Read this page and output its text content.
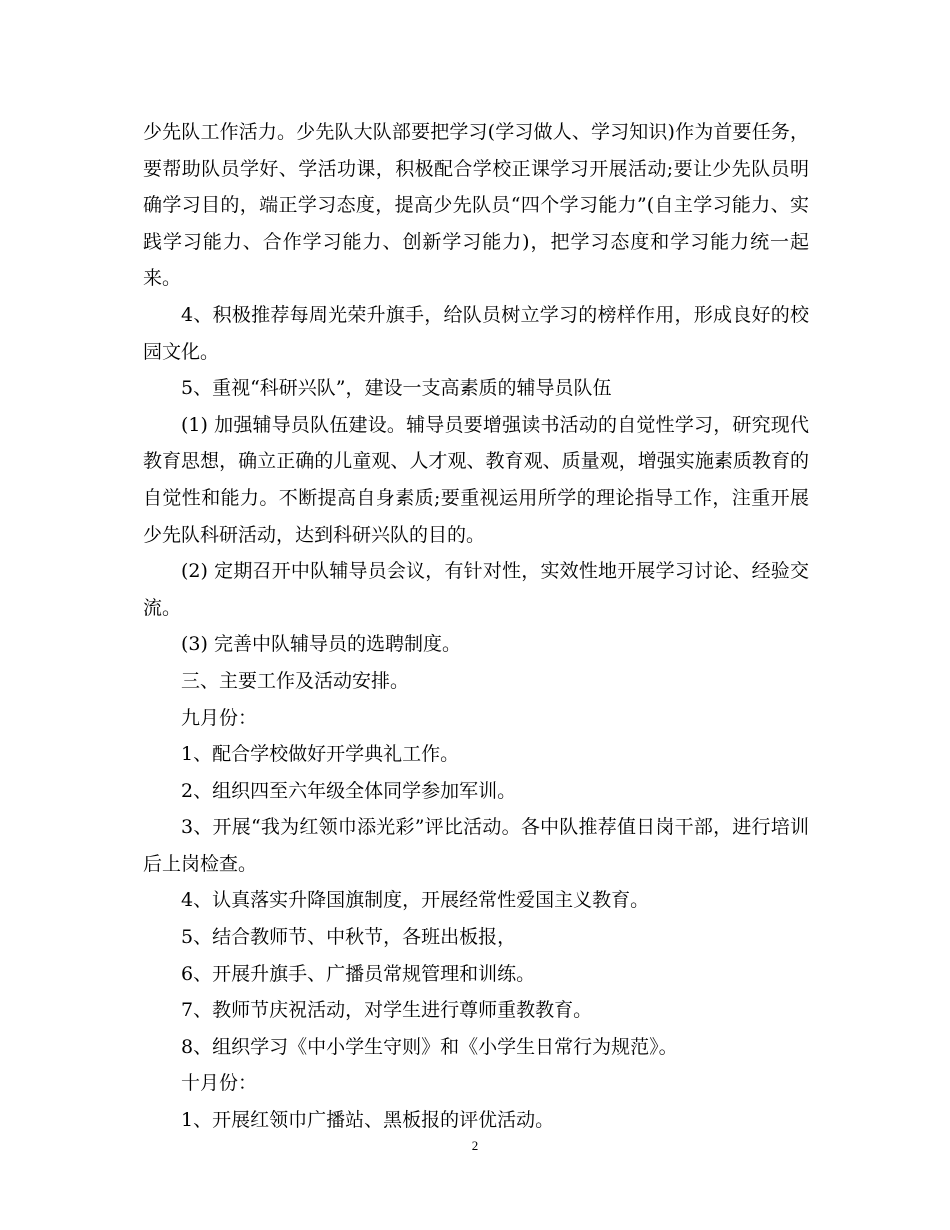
少先队工作活力。少先队大队部要把学习(学习做人、学习知识)作为首要任务，要帮助队员学好、学活功课，积极配合学校正课学习开展活动;要让少先队员明确学习目的，端正学习态度，提高少先队员“四个学习能力”(自主学习能力、实践学习能力、合作学习能力、创新学习能力)，把学习态度和学习能力统一起来。

4、积极推荐每周光荣升旗手，给队员树立学习的榜样作用，形成良好的校园文化。

5、重视“科研兴队”，建设一支高素质的辅导员队伍

(1) 加强辅导员队伍建设。辅导员要增强读书活动的自觉性学习，研究现代教育思想，确立正确的儿童观、人才观、教育观、质量观，增强实施素质教育的自觉性和能力。不断提高自身素质;要重视运用所学的理论指导工作，注重开展少先队科研活动，达到科研兴队的目的。

(2) 定期召开中队辅导员会议，有针对性，实效性地开展学习讨论、经验交流。

(3) 完善中队辅导员的选聘制度。

三、主要工作及活动安排。

九月份：

1、配合学校做好开学典礼工作。

2、组织四至六年级全体同学参加军训。

3、开展“我为红领巾添光彩”评比活动。各中队推荐值日岗干部，进行培训后上岗检查。

4、认真落实升降国旗制度，开展经常性爱国主义教育。

5、结合教师节、中秋节，各班出板报，

6、开展升旗手、广播员常规管理和训练。

7、教师节庆祝活动，对学生进行尊师重教教育。

8、组织学习《中小学生守则》和《小学生日常行为规范》。

十月份：

1、开展红领巾广播站、黑板报的评优活动。

2
